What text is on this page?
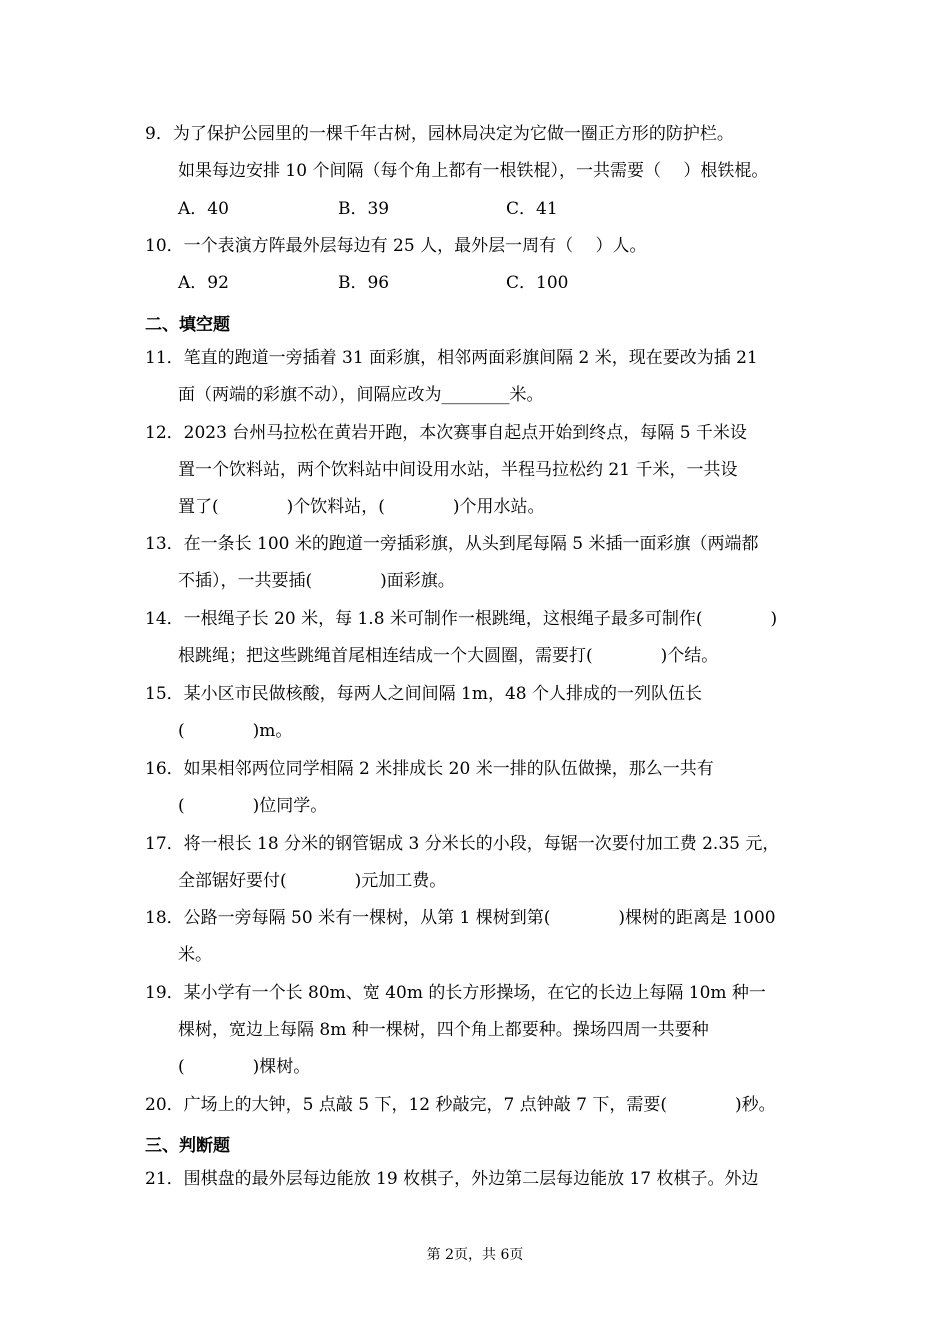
9．为了保护公园里的一棵千年古树，园林局决定为它做一圈正方形的防护栏。
如果每边安排 10 个间隔（每个角上都有一根铁棍），一共需要（　 ）根铁棍。
A．40	B．39	C．41
10．一个表演方阵最外层每边有 25 人，最外层一周有（　 ）人。
A．92	B．96	C．100
二、填空题
11．笔直的跑道一旁插着 31 面彩旗，相邻两面彩旗间隔 2 米，现在要改为插 21
面（两端的彩旗不动），间隔应改为________米。
12．2023 台州马拉松在黄岩开跑，本次赛事自起点开始到终点，每隔 5 千米设
置一个饮料站，两个饮料站中间设用水站，半程马拉松约 21 千米，一共设
置了(　　　　)个饮料站，(　　　　)个用水站。
13．在一条长 100 米的跑道一旁插彩旗，从头到尾每隔 5 米插一面彩旗（两端都
不插），一共要插(　　　　)面彩旗。
14．一根绳子长 20 米，每 1.8 米可制作一根跳绳，这根绳子最多可制作(　　　　)
根跳绳；把这些跳绳首尾相连结成一个大圆圈，需要打(　　　　)个结。
15．某小区市民做核酸，每两人之间间隔 1m，48 个人排成的一列队伍长
(　　　　)m。
16．如果相邻两位同学相隔 2 米排成长 20 米一排的队伍做操，那么一共有
(　　　　)位同学。
17．将一根长 18 分米的钢管锯成 3 分米长的小段，每锯一次要付加工费 2.35 元，
全部锯好要付(　　　　)元加工费。
18．公路一旁每隔 50 米有一棵树，从第 1 棵树到第(　　　　)棵树的距离是 1000
米。
19．某小学有一个长 80m、宽 40m 的长方形操场，在它的长边上每隔 10m 种一
棵树，宽边上每隔 8m 种一棵树，四个角上都要种。操场四周一共要种
(　　　　)棵树。
20．广场上的大钟，5 点敲 5 下，12 秒敲完，7 点钟敲 7 下，需要(　　　　)秒。
三、判断题
21．围棋盘的最外层每边能放 19 枚棋子，外边第二层每边能放 17 枚棋子。外边
第 2页，共 6页
